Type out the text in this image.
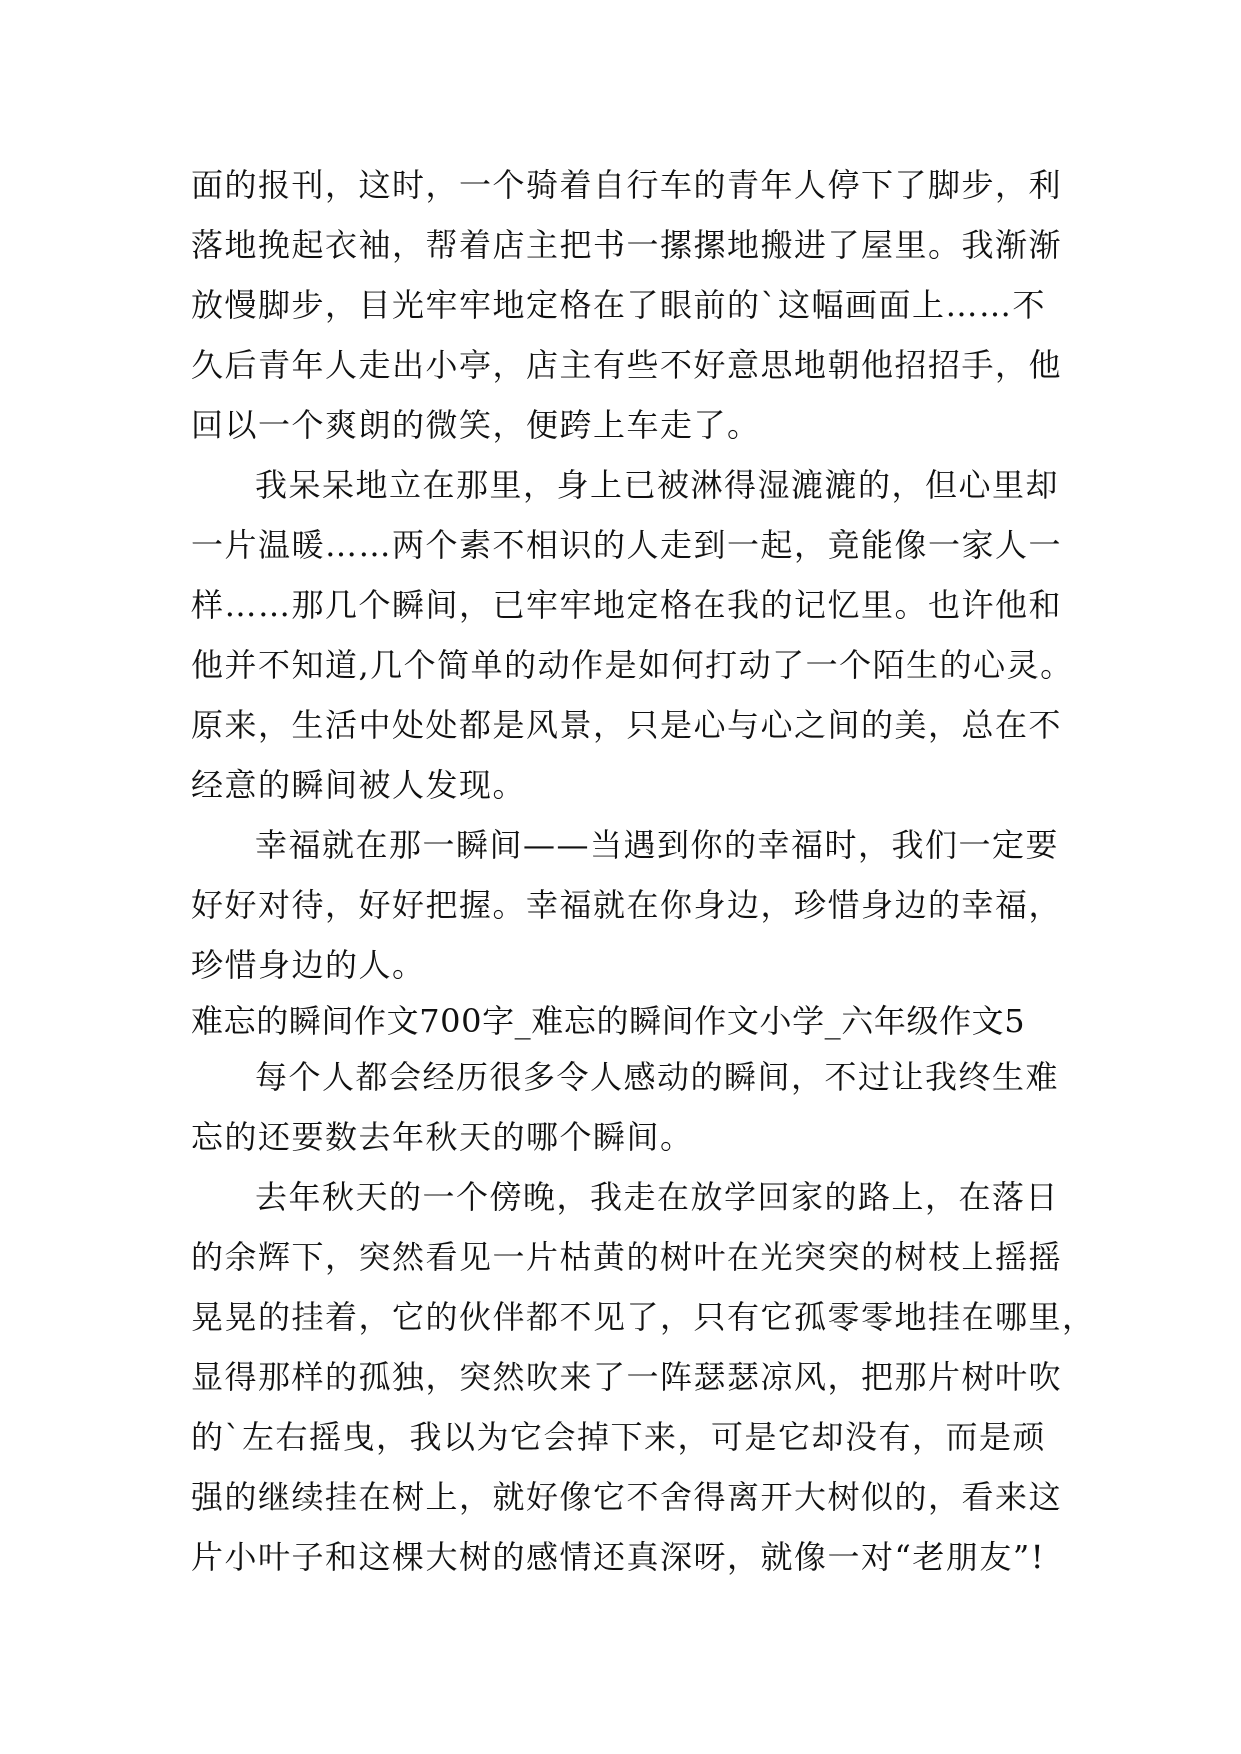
面的报刊，这时，一个骑着自行车的青年人停下了脚步，利
落地挽起衣袖，帮着店主把书一摞摞地搬进了屋里。我渐渐
放慢脚步，目光牢牢地定格在了眼前的`这幅画面上……不
久后青年人走出小亭，店主有些不好意思地朝他招招手，他
回以一个爽朗的微笑，便跨上车走了。
我呆呆地立在那里，身上已被淋得湿漉漉的，但心里却
一片温暖……两个素不相识的人走到一起，竟能像一家人一
样……那几个瞬间，已牢牢地定格在我的记忆里。也许他和
他并不知道,几个简单的动作是如何打动了一个陌生的心灵。
原来，生活中处处都是风景，只是心与心之间的美，总在不
经意的瞬间被人发现。
幸福就在那一瞬间——当遇到你的幸福时，我们一定要
好好对待，好好把握。幸福就在你身边，珍惜身边的幸福，
珍惜身边的人。
难忘的瞬间作文700字_难忘的瞬间作文小学_六年级作文5
每个人都会经历很多令人感动的瞬间，不过让我终生难
忘的还要数去年秋天的哪个瞬间。
去年秋天的一个傍晚，我走在放学回家的路上，在落日
的余辉下，突然看见一片枯黄的树叶在光突突的树枝上摇摇
晃晃的挂着，它的伙伴都不见了，只有它孤零零地挂在哪里，
显得那样的孤独，突然吹来了一阵瑟瑟凉风，把那片树叶吹
的`左右摇曳，我以为它会掉下来，可是它却没有，而是顽
强的继续挂在树上，就好像它不舍得离开大树似的，看来这
片小叶子和这棵大树的感情还真深呀，就像一对“老朋友”!
